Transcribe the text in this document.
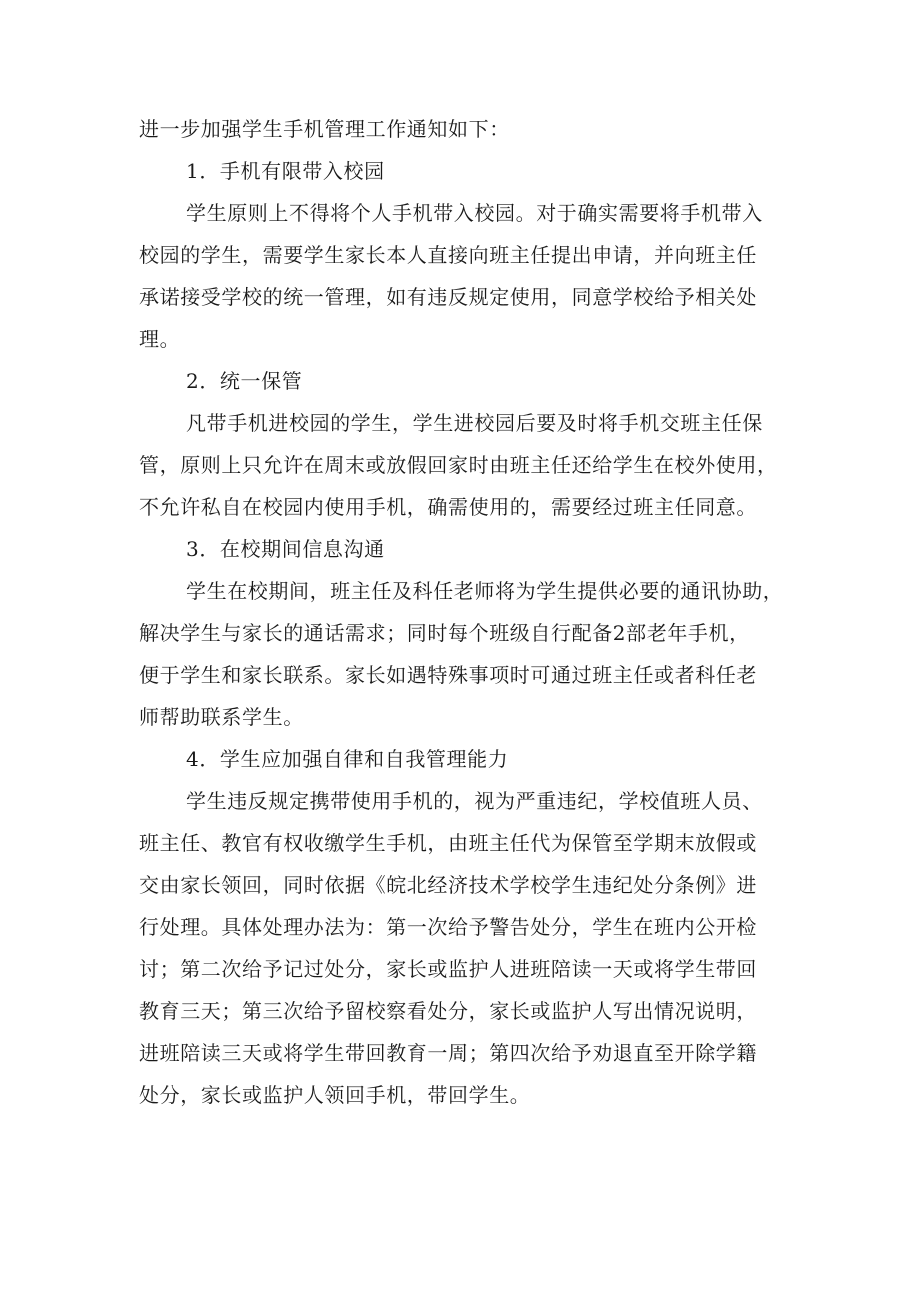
进一步加强学生手机管理工作通知如下：
1．手机有限带入校园
学生原则上不得将个人手机带入校园。对于确实需要将手机带入
校园的学生，需要学生家长本人直接向班主任提出申请，并向班主任
承诺接受学校的统一管理，如有违反规定使用，同意学校给予相关处
理。
2．统一保管
凡带手机进校园的学生，学生进校园后要及时将手机交班主任保
管，原则上只允许在周末或放假回家时由班主任还给学生在校外使用，
不允许私自在校园内使用手机，确需使用的，需要经过班主任同意。
3．在校期间信息沟通
学生在校期间，班主任及科任老师将为学生提供必要的通讯协助，
解决学生与家长的通话需求；同时每个班级自行配备2部老年手机，
便于学生和家长联系。家长如遇特殊事项时可通过班主任或者科任老
师帮助联系学生。
4．学生应加强自律和自我管理能力
学生违反规定携带使用手机的，视为严重违纪，学校值班人员、
班主任、教官有权收缴学生手机，由班主任代为保管至学期末放假或
交由家长领回，同时依据《皖北经济技术学校学生违纪处分条例》进
行处理。具体处理办法为：第一次给予警告处分，学生在班内公开检
讨；第二次给予记过处分，家长或监护人进班陪读一天或将学生带回
教育三天；第三次给予留校察看处分，家长或监护人写出情况说明，
进班陪读三天或将学生带回教育一周；第四次给予劝退直至开除学籍
处分，家长或监护人领回手机，带回学生。
